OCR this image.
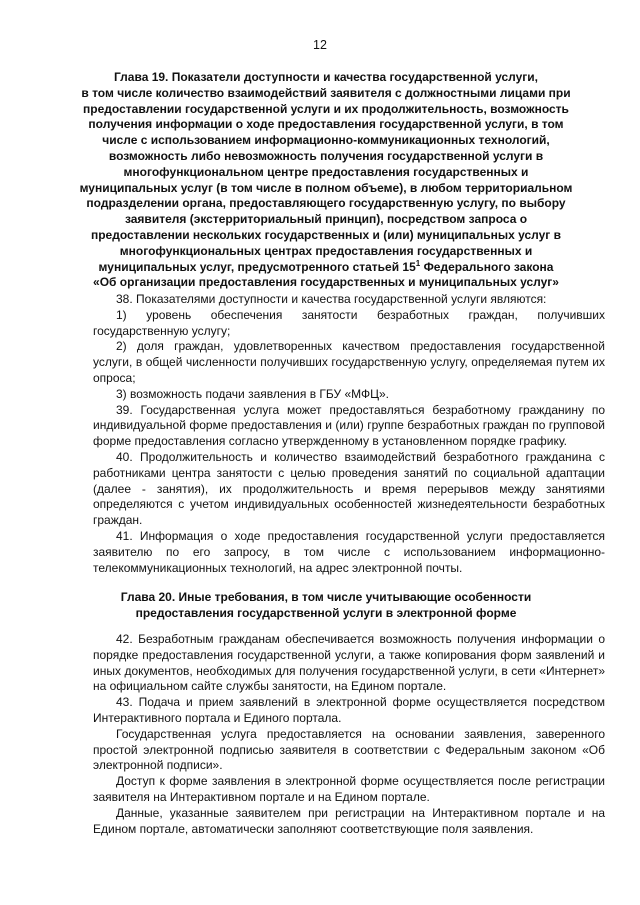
12
Глава 19. Показатели доступности и качества государственной услуги,
в том числе количество взаимодействий заявителя с должностными лицами при
предоставлении государственной услуги и их продолжительность, возможность
получения информации о ходе предоставления государственной услуги, в том
числе с использованием информационно-коммуникационных технологий,
возможность либо невозможность получения государственной услуги в
многофункциональном центре предоставления государственных и
муниципальных услуг (в том числе в полном объеме), в любом территориальном
подразделении органа, предоставляющего государственную услугу, по выбору
заявителя (экстерриториальный принцип), посредством запроса о
предоставлении нескольких государственных и (или) муниципальных услуг в
многофункциональных центрах предоставления государственных и
муниципальных услуг, предусмотренного статьей $15^1$ Федерального закона
«Об организации предоставления государственных и муниципальных услуг»

38. Показателями доступности и качества государственной услуги являются:

1) уровень обеспечения занятости безработных граждан, получивших государственную услугу;

2) доля граждан, удовлетворенных качеством предоставления государственной услуги, в общей численности получивших государственную услугу, определяемая путем их опроса;

3) возможность подачи заявления в ГБУ «МФЦ».

39. Государственная услуга может предоставляться безработному гражданину по индивидуальной форме предоставления и (или) группе безработных граждан по групповой форме предоставления согласно утвержденному в установленном порядке графику.

40. Продолжительность и количество взаимодействий безработного гражданина с работниками центра занятости с целью проведения занятий по социальной адаптации (далее - занятия), их продолжительность и время перерывов между занятиями определяются с учетом индивидуальных особенностей жизнедеятельности безработных граждан.

41. Информация о ходе предоставления государственной услуги предоставляется заявителю по его запросу, в том числе с использованием информационно-телекоммуникационных технологий, на адрес электронной почты.

Глава 20. Иные требования, в том числе учитывающие особенности
предоставления государственной услуги в электронной форме

42. Безработным гражданам обеспечивается возможность получения информации о порядке предоставления государственной услуги, а также копирования форм заявлений и иных документов, необходимых для получения государственной услуги, в сети «Интернет» на официальном сайте службы занятости, на Едином портале.

43. Подача и прием заявлений в электронной форме осуществляется посредством Интерактивного портала и Единого портала.

Государственная услуга предоставляется на основании заявления, заверенного простой электронной подписью заявителя в соответствии с Федеральным законом «Об электронной подписи».

Доступ к форме заявления в электронной форме осуществляется после регистрации заявителя на Интерактивном портале и на Едином портале.

Данные, указанные заявителем при регистрации на Интерактивном портале и на Едином портале, автоматически заполняют соответствующие поля заявления.
